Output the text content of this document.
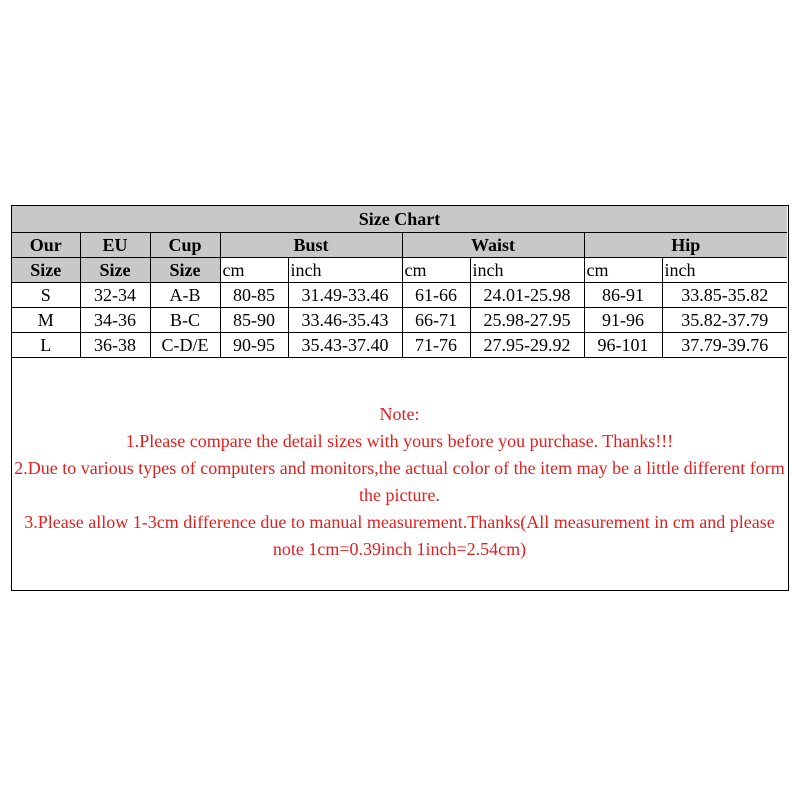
Size Chart								
Our	EU	Cup	Bust		Waist		Hip	
Size	Size	Size	cm	inch	cm	inch	cm	inch
S	32-34	A-B	80-85	31.49-33.46	61-66	24.01-25.98	86-91	33.85-35.82
M	34-36	B-C	85-90	33.46-35.43	66-71	25.98-27.95	91-96	35.82-37.79
L	36-38	C-D/E	90-95	35.43-37.40	71-76	27.95-29.92	96-101	37.79-39.76
Note:
1.Please compare the detail sizes with yours before you purchase. Thanks!!!
2.Due to various types of computers and monitors,the actual color of the item may be a little different form the picture.
3.Please allow 1-3cm difference due to manual measurement.Thanks(All measurement in cm and please note 1cm=0.39inch 1inch=2.54cm)
